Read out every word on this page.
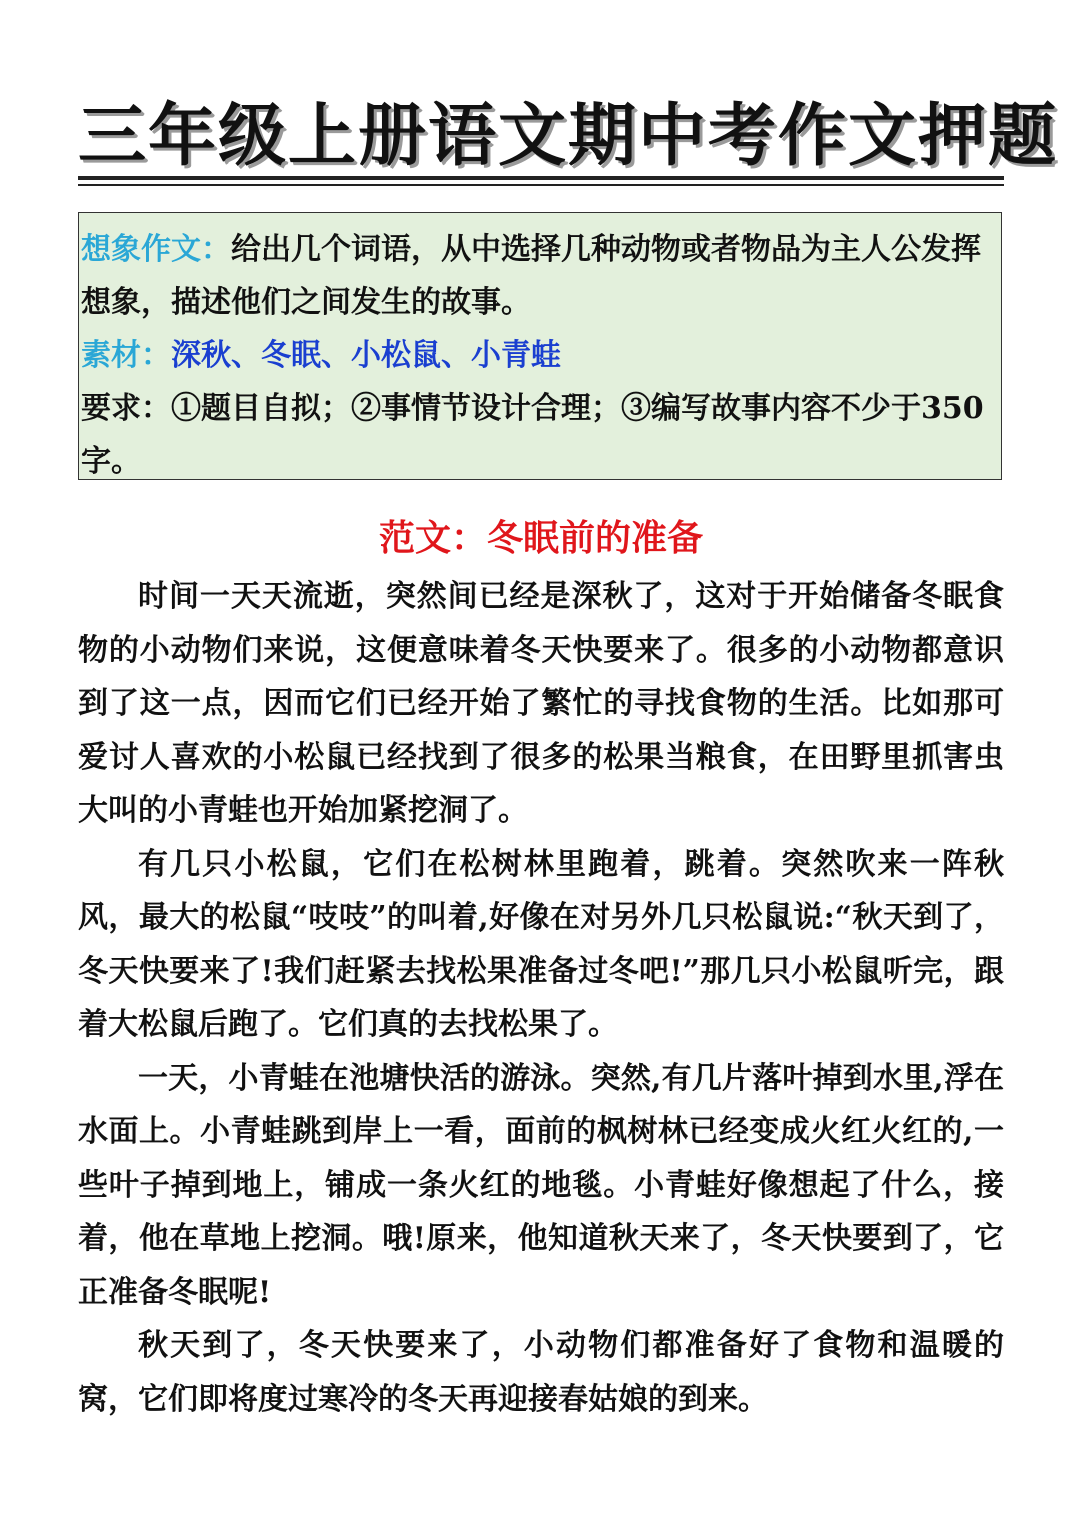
三年级上册语文期中考作文押题

想象作文：给出几个词语，从中选择几种动物或者物品为主人公发挥想象，描述他们之间发生的故事。

素材：深秋、冬眠、小松鼠、小青蛙

要求：①题目自拟；②事情节设计合理；③编写故事内容不少于350字。

范文：冬眠前的准备

时间一天天流逝，突然间已经是深秋了，这对于开始储备冬眠食物的小动物们来说，这便意味着冬天快要来了。很多的小动物都意识到了这一点，因而它们已经开始了繁忙的寻找食物的生活。比如那可爱讨人喜欢的小松鼠已经找到了很多的松果当粮食，在田野里抓害虫大叫的小青蛙也开始加紧挖洞了。

有几只小松鼠，它们在松树林里跑着，跳着。突然吹来一阵秋风，最大的松鼠“吱吱”的叫着,好像在对另外几只松鼠说:“秋天到了，冬天快要来了!我们赶紧去找松果准备过冬吧!”那几只小松鼠听完，跟着大松鼠后跑了。它们真的去找松果了。

一天，小青蛙在池塘快活的游泳。突然,有几片落叶掉到水里,浮在水面上。小青蛙跳到岸上一看，面前的枫树林已经变成火红火红的,一些叶子掉到地上，铺成一条火红的地毯。小青蛙好像想起了什么，接着，他在草地上挖洞。哦!原来，他知道秋天来了，冬天快要到了，它正准备冬眠呢!

秋天到了，冬天快要来了，小动物们都准备好了食物和温暖的窝，它们即将度过寒冷的冬天再迎接春姑娘的到来。
